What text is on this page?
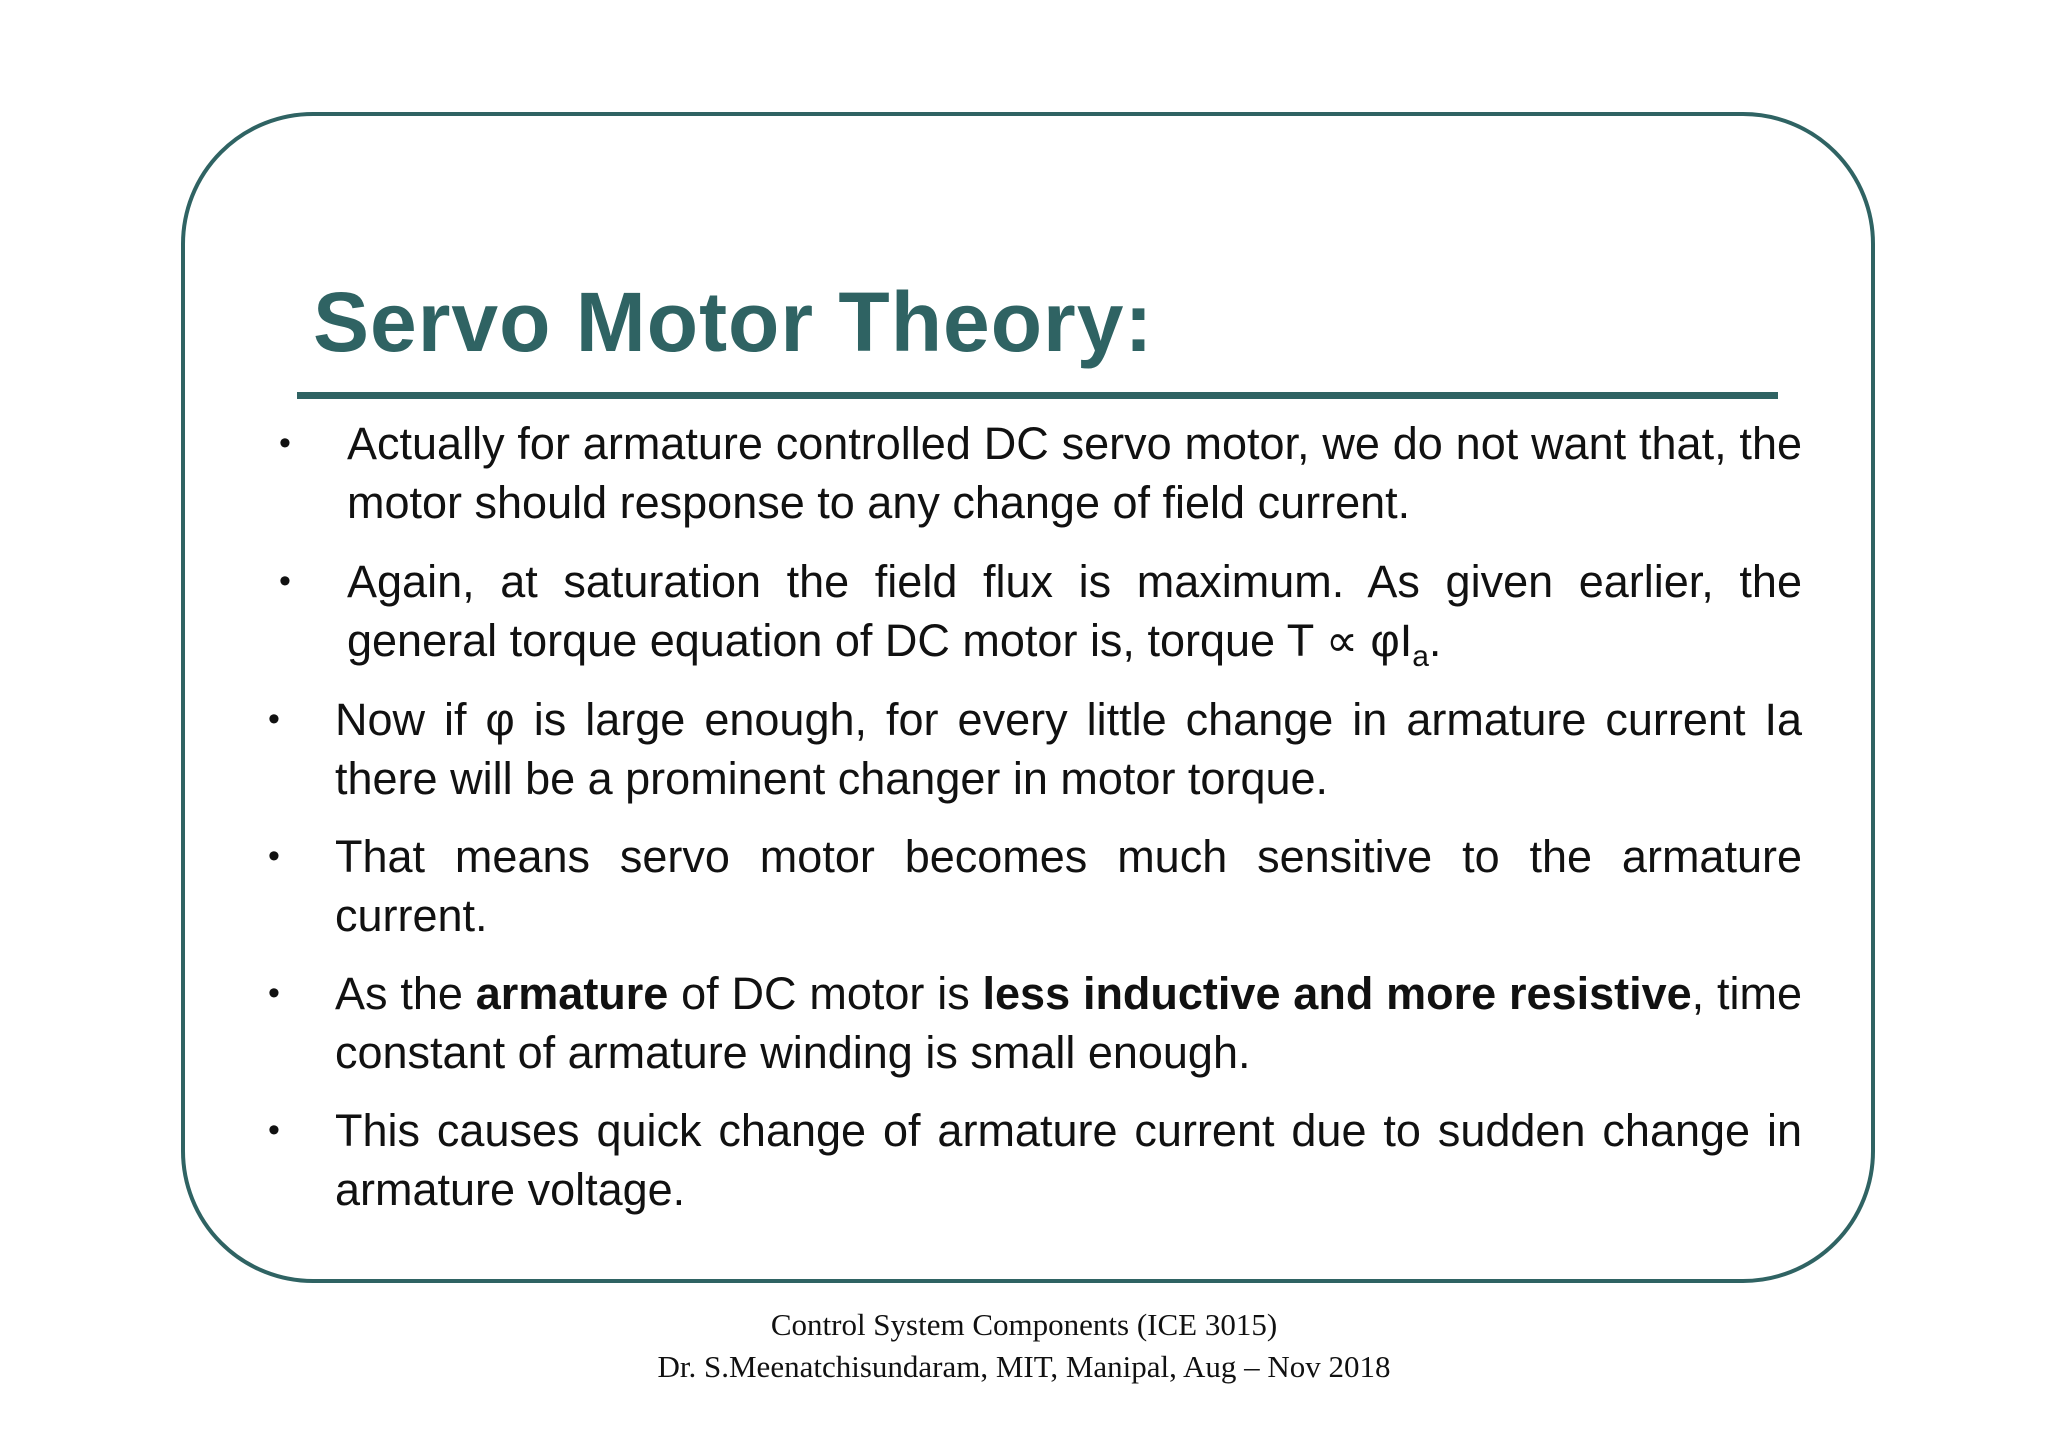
Servo Motor Theory:
• Actually for armature controlled DC servo motor, we do not want that, the motor should response to any change of field current.
• Again, at saturation the field flux is maximum. As given earlier, the general torque equation of DC motor is, torque $T \propto \varphi I_a$.
• Now if φ is large enough, for every little change in armature current Ia there will be a prominent changer in motor torque.
• That means servo motor becomes much sensitive to the armature current.
• As the armature of DC motor is less inductive and more resistive, time constant of armature winding is small enough.
• This causes quick change of armature current due to sudden change in armature voltage.
Control System Components (ICE 3015)
Dr. S.Meenatchisundaram, MIT, Manipal, Aug – Nov 2018
